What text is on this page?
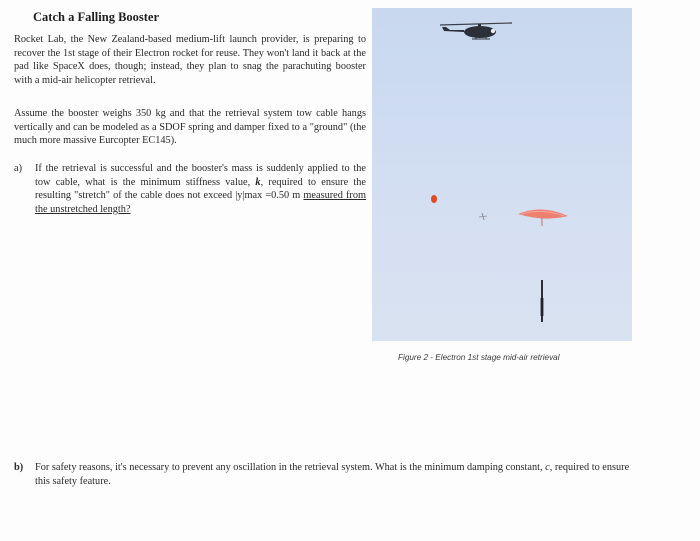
Catch a Falling Booster
Rocket Lab, the New Zealand-based medium-lift launch provider, is preparing to recover the 1st stage of their Electron rocket for reuse. They won't land it back at the pad like SpaceX does, though; instead, they plan to snag the parachuting booster with a mid-air helicopter retrieval.
Assume the booster weighs 350 kg and that the retrieval system tow cable hangs vertically and can be modeled as a SDOF spring and damper fixed to a "ground" (the much more massive Eurcopter EC145).
a) If the retrieval is successful and the booster's mass is suddenly applied to the tow cable, what is the minimum stiffness value, k, required to ensure the resulting "stretch" of the cable does not exceed |y|max =0.50 m measured from the unstretched length?
Figure 2 - Electron 1st stage mid-air retrieval
b) For safety reasons, it's necessary to prevent any oscillation in the retrieval system. What is the minimum damping constant, c, required to ensure this safety feature.
